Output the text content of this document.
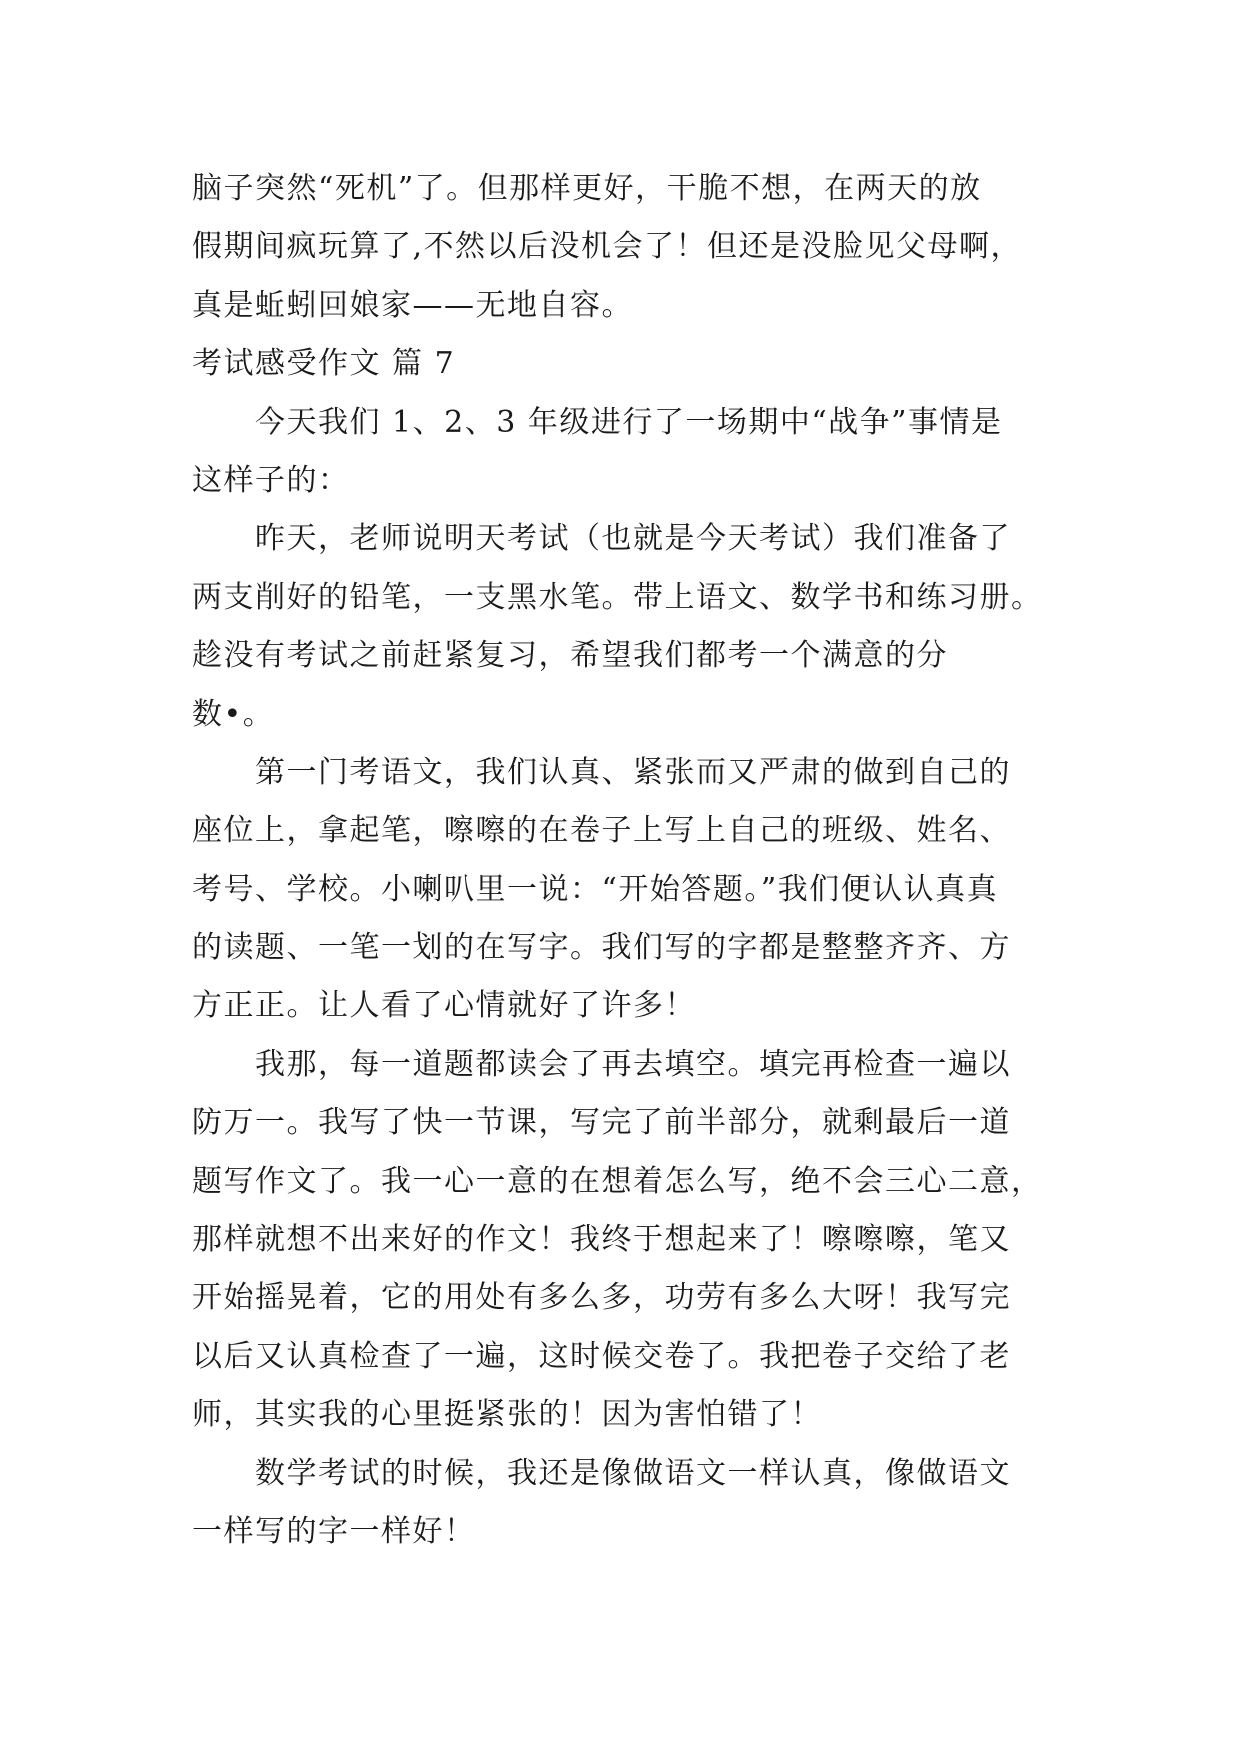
脑子突然“死机”了。但那样更好，干脆不想，在两天的放
假期间疯玩算了,不然以后没机会了！但还是没脸见父母啊，
真是蚯蚓回娘家——无地自容。
考试感受作文 篇 7
今天我们 1、2、3 年级进行了一场期中“战争”事情是
这样子的：
昨天，老师说明天考试（也就是今天考试）我们准备了
两支削好的铅笔，一支黑水笔。带上语文、数学书和练习册。
趁没有考试之前赶紧复习，希望我们都考一个满意的分
数•。
第一门考语文，我们认真、紧张而又严肃的做到自己的
座位上，拿起笔，嚓嚓的在卷子上写上自己的班级、姓名、
考号、学校。小喇叭里一说：“开始答题。”我们便认认真真
的读题、一笔一划的在写字。我们写的字都是整整齐齐、方
方正正。让人看了心情就好了许多！
我那，每一道题都读会了再去填空。填完再检查一遍以
防万一。我写了快一节课，写完了前半部分，就剩最后一道
题写作文了。我一心一意的在想着怎么写，绝不会三心二意，
那样就想不出来好的作文！我终于想起来了！嚓嚓嚓，笔又
开始摇晃着，它的用处有多么多，功劳有多么大呀！我写完
以后又认真检查了一遍，这时候交卷了。我把卷子交给了老
师，其实我的心里挺紧张的！因为害怕错了！
数学考试的时候，我还是像做语文一样认真，像做语文
一样写的字一样好！
